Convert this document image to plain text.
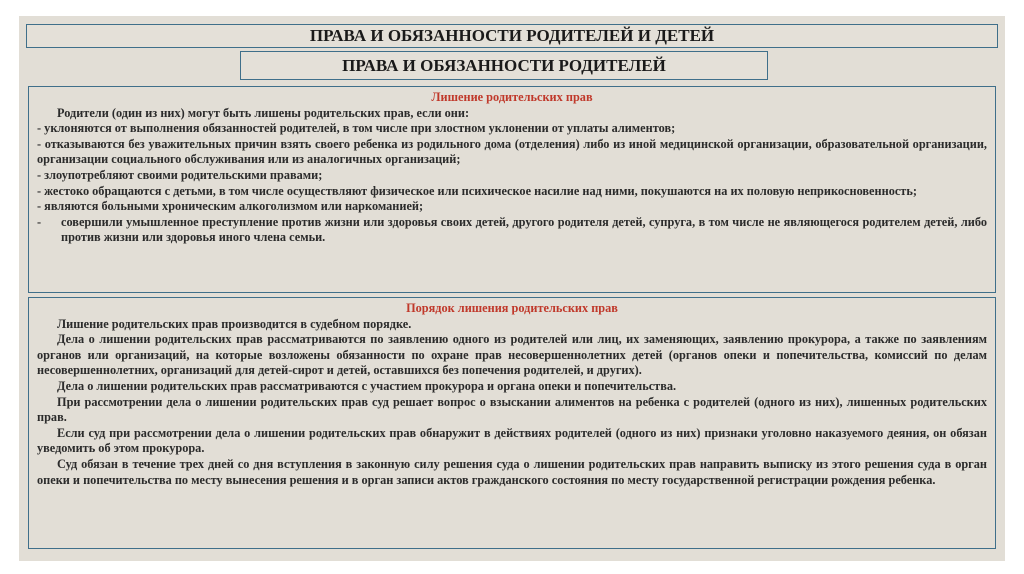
ПРАВА И ОБЯЗАННОСТИ РОДИТЕЛЕЙ И ДЕТЕЙ
ПРАВА И ОБЯЗАННОСТИ РОДИТЕЛЕЙ
Лишение родительских прав

Родители (один из них) могут быть лишены родительских прав, если они:

- уклоняются от выполнения обязанностей родителей, в том числе при злостном уклонении от уплаты алиментов;

- отказываются без уважительных причин взять своего ребенка из родильного дома (отделения) либо из иной медицинской организации, образовательной организации, организации социального обслуживания или из аналогичных организаций;

- злоупотребляют своими родительскими правами;

- жестоко обращаются с детьми, в том числе осуществляют физическое или психическое насилие над ними, покушаются на их половую неприкосновенность;

- являются больными хроническим алкоголизмом или наркоманией;

-	совершили умышленное преступление против жизни или здоровья своих детей, другого родителя детей, супруга, в том числе не являющегося родителем детей, либо против жизни или здоровья иного члена семьи.
Порядок лишения родительских прав

Лишение родительских прав производится в судебном порядке.

Дела о лишении родительских прав рассматриваются по заявлению одного из родителей или лиц, их заменяющих, заявлению прокурора, а также по заявлениям органов или организаций, на которые возложены обязанности по охране прав несовершеннолетних детей (органов опеки и попечительства, комиссий по делам несовершеннолетних, организаций для детей-сирот и детей, оставшихся без попечения родителей, и других).

Дела о лишении родительских прав рассматриваются с участием прокурора и органа опеки и попечительства.

При рассмотрении дела о лишении родительских прав суд решает вопрос о взыскании алиментов на ребенка с родителей (одного из них), лишенных родительских прав.

Если суд при рассмотрении дела о лишении родительских прав обнаружит в действиях родителей (одного из них) признаки уголовно наказуемого деяния, он обязан уведомить об этом прокурора.

Суд обязан в течение трех дней со дня вступления в законную силу решения суда о лишении родительских прав направить выписку из этого решения суда в орган опеки и попечительства по месту вынесения решения и в орган записи актов гражданского состояния по месту государственной регистрации рождения ребенка.
